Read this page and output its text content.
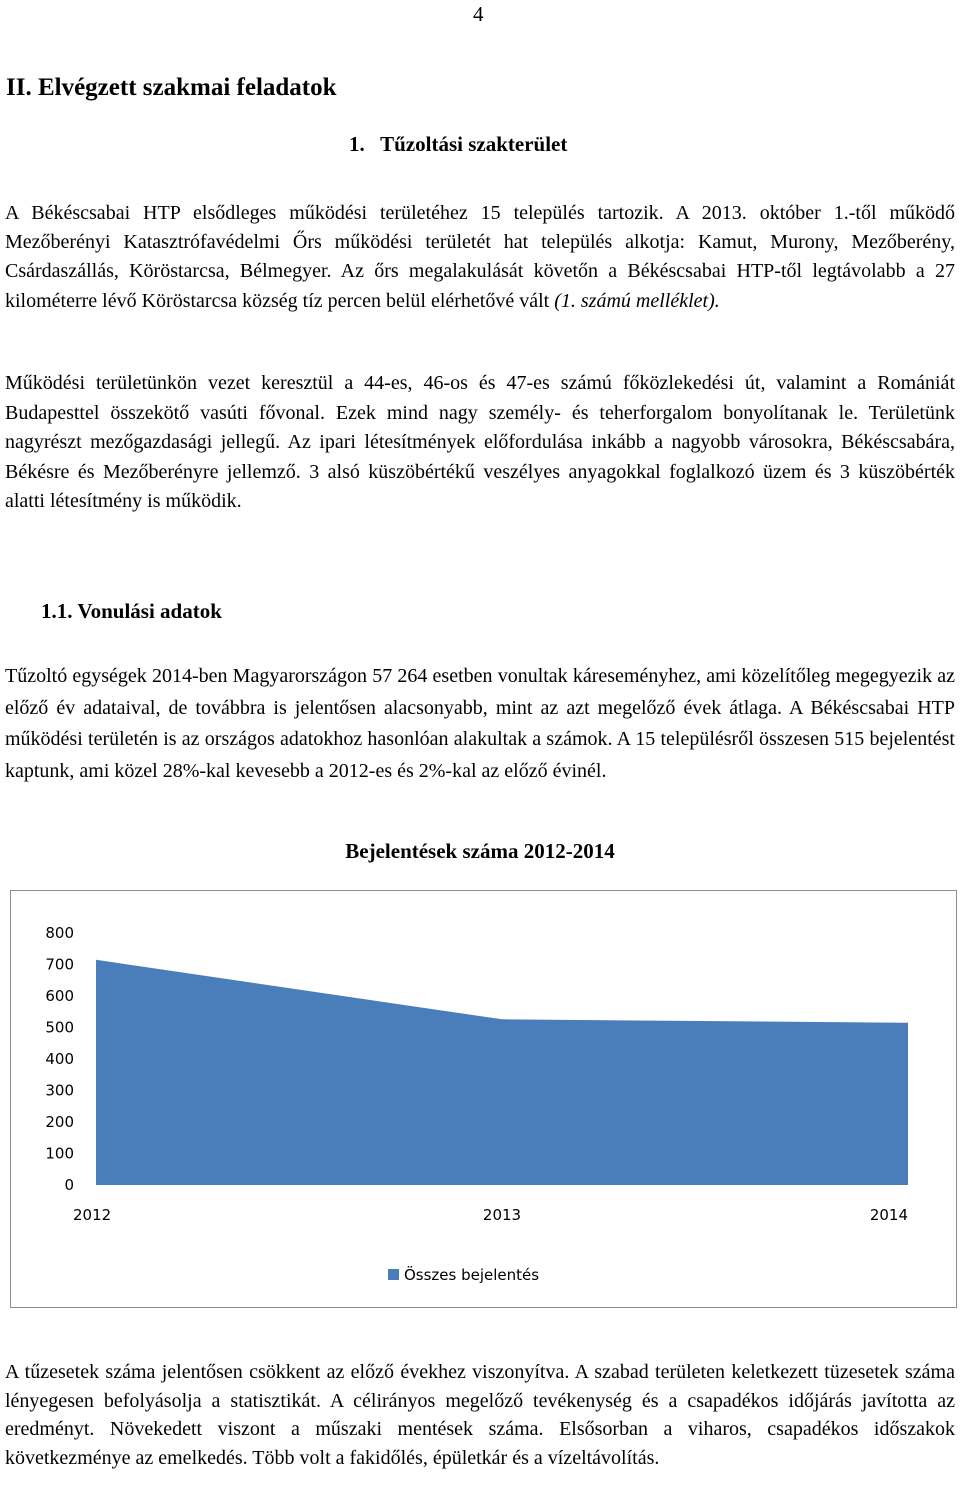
4
II. Elvégzett szakmai feladatok
1.   Tűzoltási szakterület

A Békéscsabai HTP elsődleges működési területéhez 15 település tartozik. A 2013. október 1.-től működő Mezőberényi Katasztrófavédelmi Őrs működési területét hat település alkotja: Kamut, Murony, Mezőberény, Csárdaszállás, Köröstarcsa, Bélmegyer. Az őrs megalakulását követőn a Békéscsabai HTP-től legtávolabb a 27 kilométerre lévő Köröstarcsa község tíz percen belül elérhetővé vált (1. számú melléklet).

Működési területünkön vezet keresztül a 44-es, 46-os és 47-es számú főközlekedési út, valamint a Romániát Budapesttel összekötő vasúti fővonal. Ezek mind nagy személy- és teherforgalom bonyolítanak le. Területünk nagyrészt mezőgazdasági jellegű. Az ipari létesítmények előfordulása inkább a nagyobb városokra, Békéscsabára, Békésre és Mezőberényre jellemző. 3 alsó küszöbértékű veszélyes anyagokkal foglalkozó üzem és 3 küszöbérték alatti létesítmény is működik.

1.1. Vonulási adatok

Tűzoltó egységek 2014-ben Magyarországon 57 264 esetben vonultak káreseményhez, ami közelítőleg megegyezik az előző év adataival, de továbbra is jelentősen alacsonyabb, mint az azt megelőző évek átlaga. A Békéscsabai HTP működési területén is az országos adatokhoz hasonlóan alakultak a számok. A 15 településről összesen 515 bejelentést kaptunk, ami közel 28%-kal kevesebb a 2012-es és 2%-kal az előző évinél.

Bejelentések száma 2012-2014
0
100
200
300
400
500
600
700
800
2012	2013	2014
Összes bejelentés

A tűzesetek száma jelentősen csökkent az előző évekhez viszonyítva. A szabad területen keletkezett tüzesetek száma lényegesen befolyásolja a statisztikát. A célirányos megelőző tevékenység és a csapadékos időjárás javította az eredményt. Növekedett viszont a műszaki mentések száma. Elsősorban a viharos, csapadékos időszakok következménye az emelkedés. Több volt a fakidőlés, épületkár és a vízeltávolítás.
